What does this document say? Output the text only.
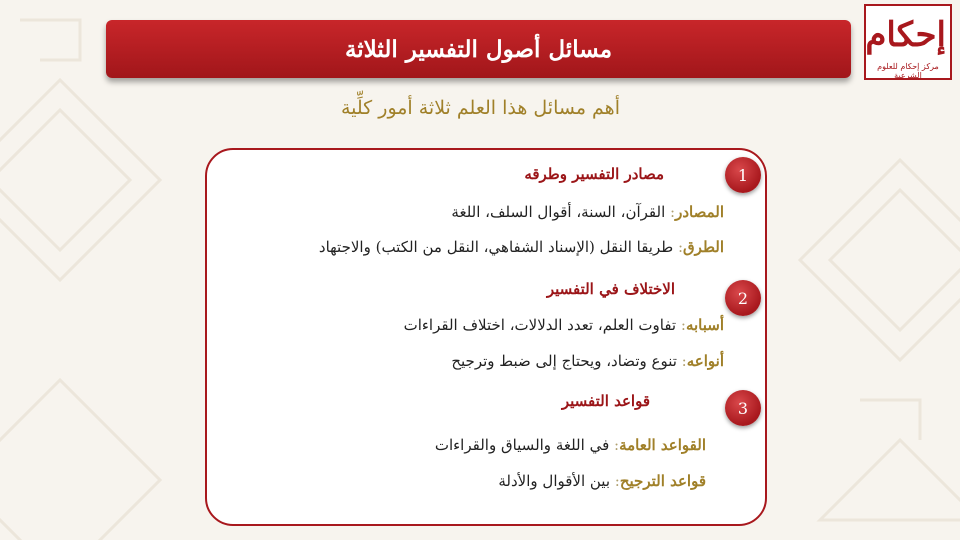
مسائل أصول التفسير الثلاثة	إحكام
مركز إحكام للعلوم الشرعية
أهم مسائل هذا العلم ثلاثة أمور كلِّية
1
مصادر التفسير وطرقه
المصادر: القرآن، السنة، أقوال السلف، اللغة
الطرق: طريقا النقل (الإسناد الشفاهي، النقل من الكتب) والاجتهاد
2
الاختلاف في التفسير
أسبابه: تفاوت العلم، تعدد الدلالات، اختلاف القراءات
أنواعه: تنوع وتضاد، ويحتاج إلى ضبط وترجيح
3
قواعد التفسير
القواعد العامة: في اللغة والسياق والقراءات
قواعد الترجيح: بين الأقوال والأدلة
